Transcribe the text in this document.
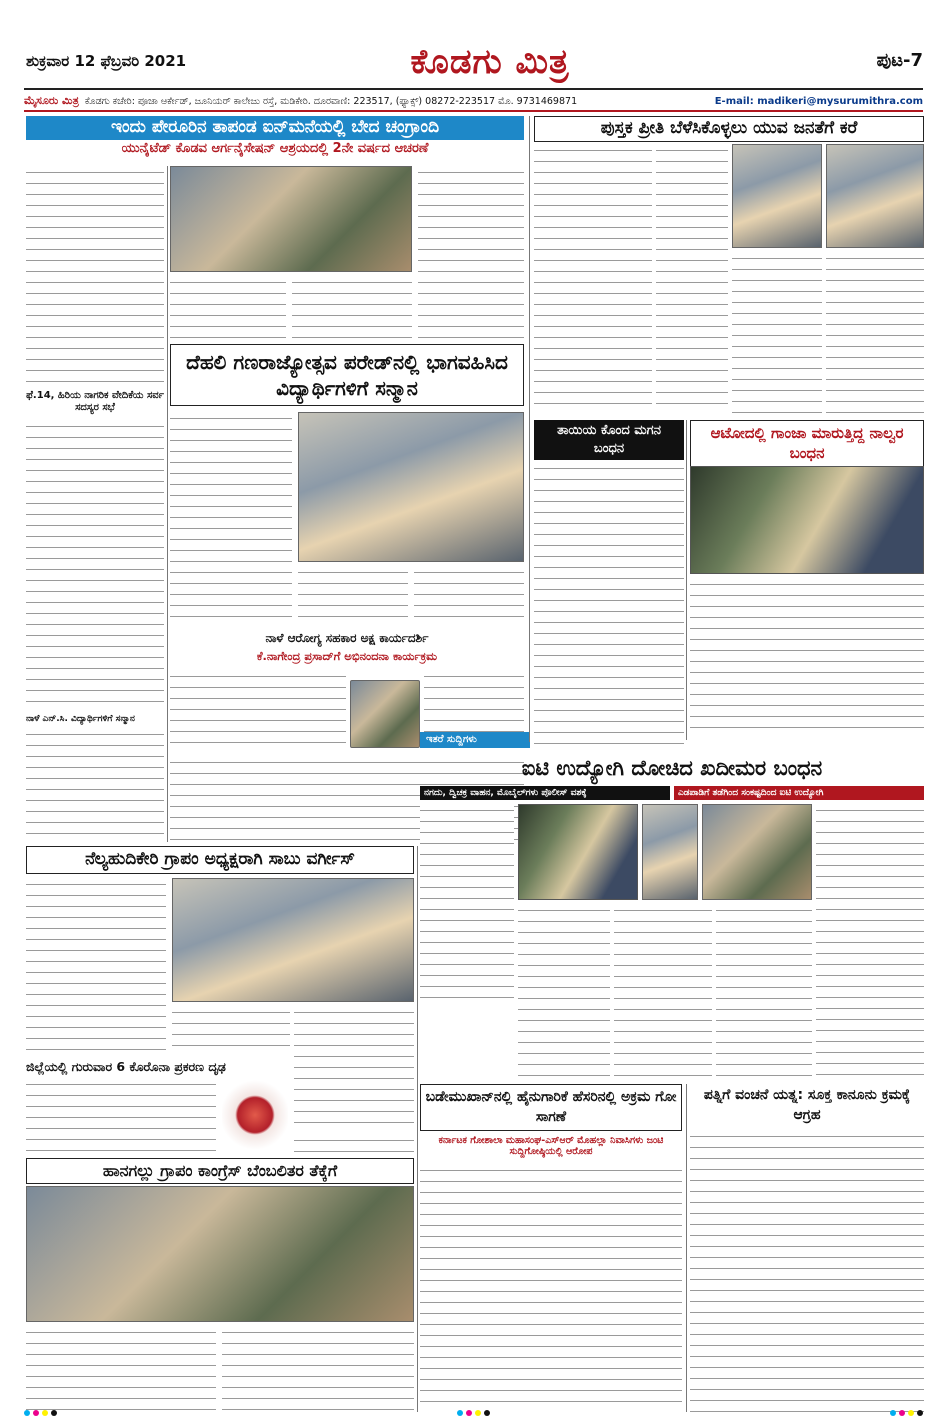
ಶುಕ್ರವಾರ 12 ಫೆಬ್ರವರಿ 2021	ಕೊಡಗು ಮಿತ್ರ	ಪುಟ-7
ಮೈಸೂರು ಮಿತ್ರ ಕೊಡಗು ಕಚೇರಿ: ಪೂಜಾ ಆರ್ಕೇಡ್, ಜೂನಿಯರ್ ಕಾಲೇಜು ರಸ್ತೆ, ಮಡಿಕೇರಿ. ದೂರವಾಣಿ: 223517, (ಫ್ಯಾಕ್ಸ್) 08272-223517 ಮೊ. 9731469871	E-mail: madikeri@mysurumithra.com
ಇಂದು ಪೇರೂರಿನ ತಾಪಂಡ ಐನ್‌ಮನೆಯಲ್ಲಿ ಬೇದ ಚಂಗ್ರಾಂದಿ
ಯುನೈಟೆಡ್ ಕೊಡವ ಆರ್ಗನೈಸೇಷನ್ ಆಶ್ರಯದಲ್ಲಿ 2ನೇ ವರ್ಷದ ಆಚರಣೆ
ಪುಸ್ತಕ ಪ್ರೀತಿ ಬೆಳೆಸಿಕೊಳ್ಳಲು ಯುವ ಜನತೆಗೆ ಕರೆ
ಫೆ.14, ಹಿರಿಯ ನಾಗರಿಕ ವೇದಿಕೆಯ ಸರ್ವ ಸದಸ್ಯರ ಸಭೆ
ನಾಳೆ ಎನ್.ಸಿ. ವಿದ್ಯಾರ್ಥಿಗಳಿಗೆ ಸನ್ಮಾನ
ದೆಹಲಿ ಗಣರಾಜ್ಯೋತ್ಸವ ಪರೇಡ್‌ನಲ್ಲಿ ಭಾಗವಹಿಸಿದ ವಿದ್ಯಾರ್ಥಿಗಳಿಗೆ ಸನ್ಮಾನ
ತಾಯಿಯ ಕೊಂದ ಮಗನ ಬಂಧನ
ಆಟೋದಲ್ಲಿ ಗಾಂಜಾ ಮಾರುತ್ತಿದ್ದ ನಾಲ್ವರ ಬಂಧನ
ನಾಳೆ ಆರೋಗ್ಯ ಸಹಕಾರ ಅಕ್ಷ ಕಾರ್ಯದರ್ಶಿ
ಕೆ.ನಾಗೇಂದ್ರ ಪ್ರಸಾದ್‌ಗೆ ಅಭಿನಂದನಾ ಕಾರ್ಯಕ್ರಮ
ಇತರೆ ಸುದ್ದಿಗಳು
ಐಟಿ ಉದ್ಯೋಗಿ ದೋಚಿದ ಖದೀಮರ ಬಂಧನ
ನಗದು, ದ್ವಿಚಕ್ರ ವಾಹನ, ಮೊಬೈಲ್‌ಗಳು ಪೊಲೀಸ್ ವಶಕ್ಕೆ	ಎಡಪಾಡಿಗೆ ತಡೆಗಿಂದ ಸಂಕಷ್ಟದಿಂದ ಐಟಿ ಉದ್ಯೋಗಿ
ನೆಲ್ಯಹುದಿಕೇರಿ ಗ್ರಾಪಂ ಅಧ್ಯಕ್ಷರಾಗಿ ಸಾಬು ವರ್ಗೀಸ್
ಜಿಲ್ಲೆಯಲ್ಲಿ ಗುರುವಾರ 6 ಕೊರೊನಾ ಪ್ರಕರಣ ದೃಢ
ಬಡೇಮುಖಾನ್‌ನಲ್ಲಿ ಹೈನುಗಾರಿಕೆ ಹೆಸರಿನಲ್ಲಿ ಅಕ್ರಮ ಗೋ ಸಾಗಣೆ
ಕರ್ನಾಟಕ ಗೋಶಾಲಾ ಮಹಾಸಂಘ-ಎಸ್‌ಆರ್ ಮೊಹಲ್ಲಾ ನಿವಾಸಿಗಳು ಜಂಟಿ ಸುದ್ದಿಗೋಷ್ಠಿಯಲ್ಲಿ ಆರೋಪ
ಪತ್ನಿಗೆ ವಂಚನೆ ಯತ್ನ: ಸೂಕ್ತ ಕಾನೂನು ಕ್ರಮಕ್ಕೆ ಆಗ್ರಹ
ಹಾನಗಲ್ಲು ಗ್ರಾಪಂ ಕಾಂಗ್ರೆಸ್ ಬೆಂಬಲಿತರ ತೆಕ್ಕೆಗೆ
